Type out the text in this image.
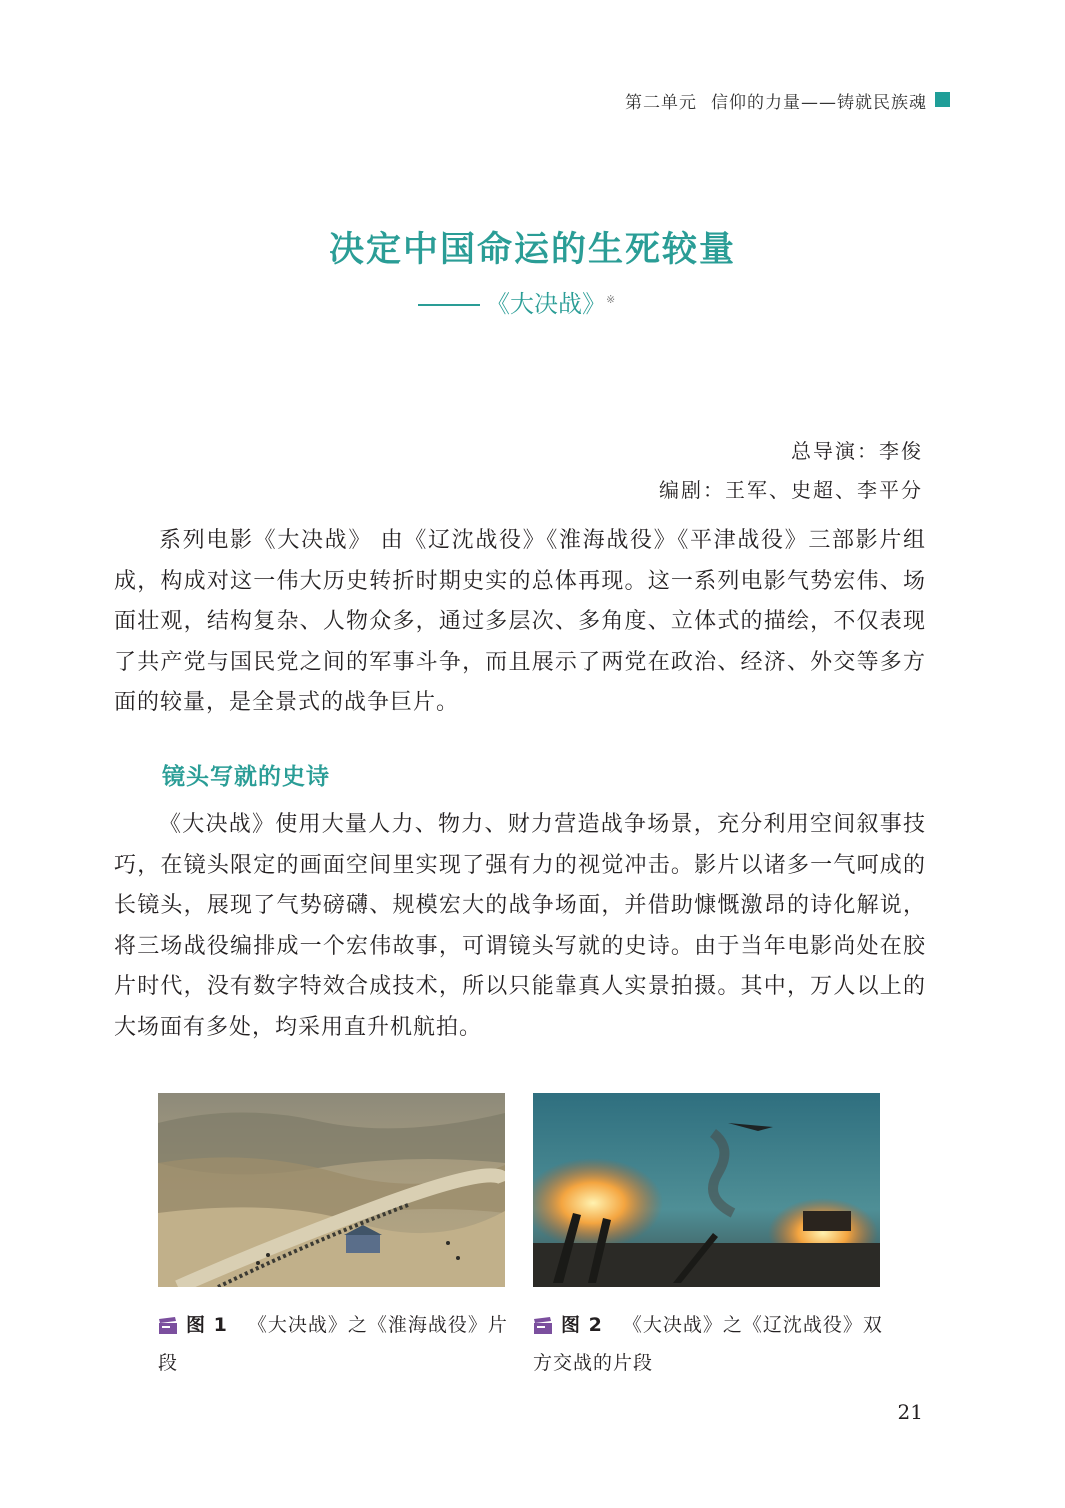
第二单元 信仰的力量——铸就民族魂
决定中国命运的生死较量
《大决战》※
总导演：李俊
编剧：王军、史超、李平分

系列电影《大决战》 由《辽沈战役》《淮海战役》《平津战役》三部影片组成，构成对这一伟大历史转折时期史实的总体再现。这一系列电影气势宏伟、场面壮观，结构复杂、人物众多，通过多层次、多角度、立体式的描绘，不仅表现了共产党与国民党之间的军事斗争，而且展示了两党在政治、经济、外交等多方面的较量，是全景式的战争巨片。

镜头写就的史诗

《大决战》使用大量人力、物力、财力营造战争场景，充分利用空间叙事技巧，在镜头限定的画面空间里实现了强有力的视觉冲击。影片以诸多一气呵成的长镜头，展现了气势磅礴、规模宏大的战争场面，并借助慷慨激昂的诗化解说，将三场战役编排成一个宏伟故事，可谓镜头写就的史诗。由于当年电影尚处在胶片时代，没有数字特效合成技术，所以只能靠真人实景拍摄。其中，万人以上的大场面有多处，均采用直升机航拍。

图 1 《大决战》之《淮海战役》片段
图 2 《大决战》之《辽沈战役》双方交战的片段
21
